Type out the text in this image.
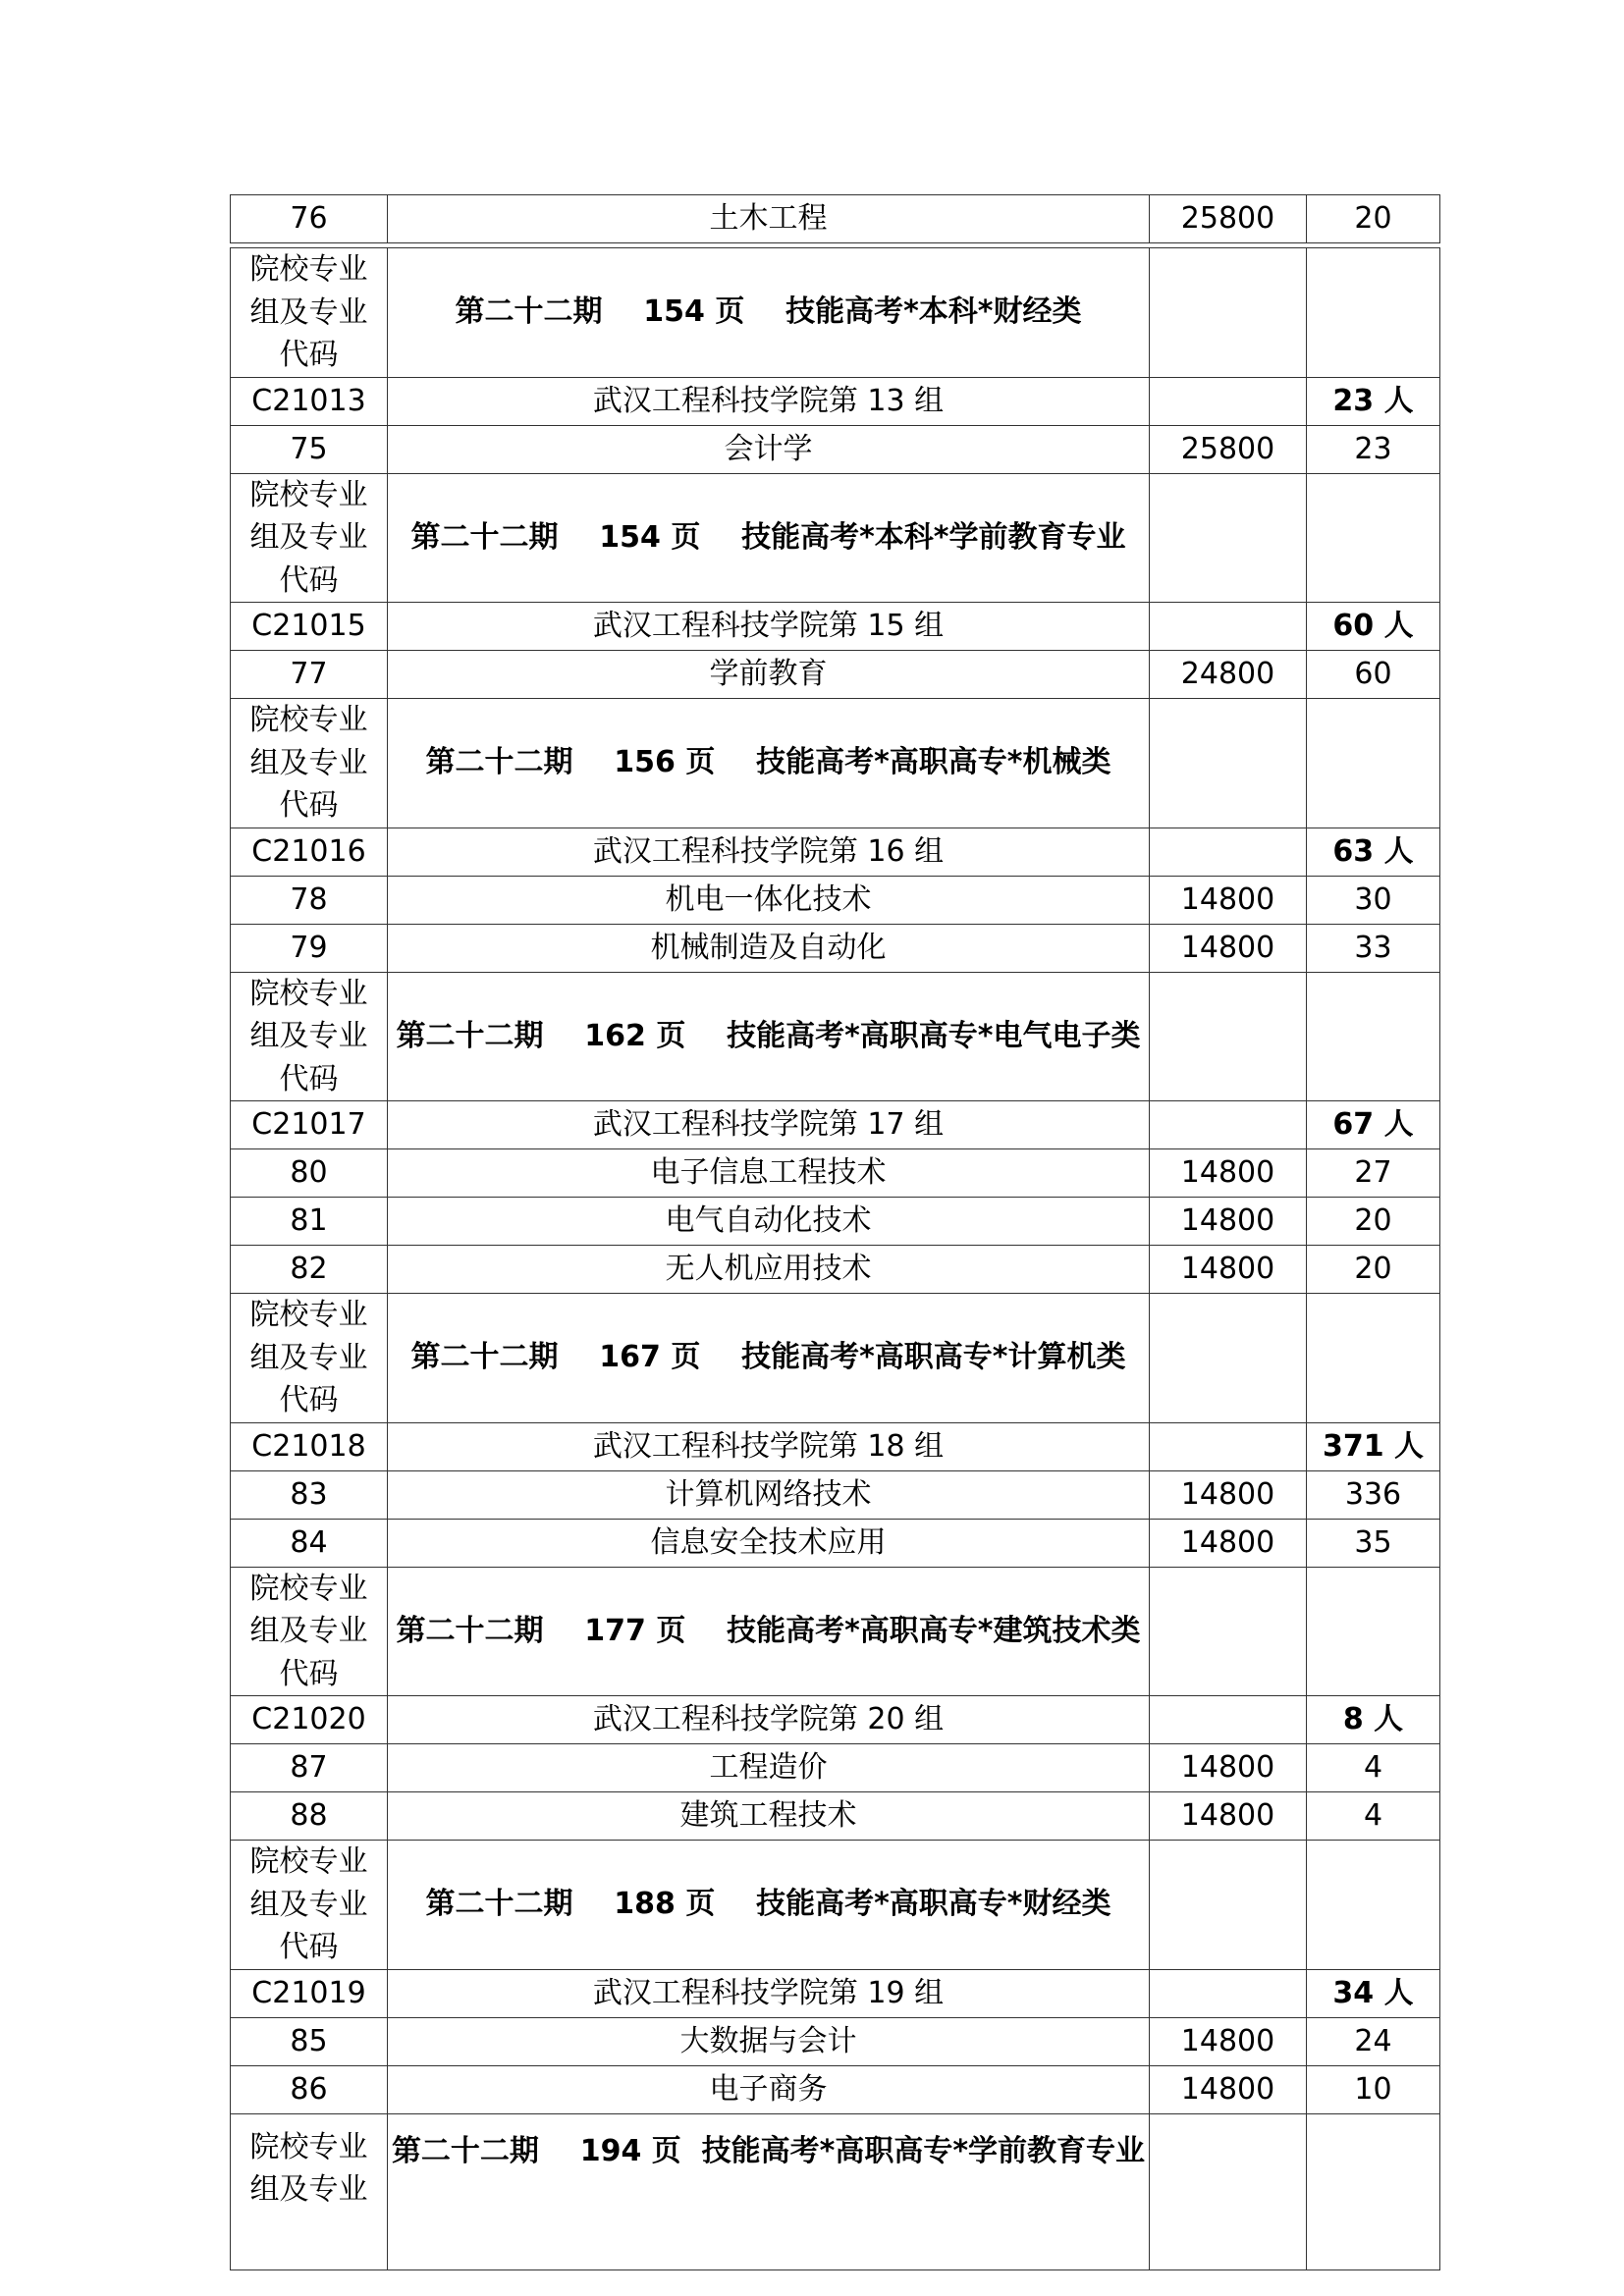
76	土木工程	25800	20

院校专业
组及专业
代码	第二十二期    154 页    技能高考*本科*财经类		
C21013	武汉工程科技学院第 13 组		23 人
75	会计学	25800	23
院校专业
组及专业
代码	第二十二期    154 页    技能高考*本科*学前教育专业		
C21015	武汉工程科技学院第 15 组		60 人
77	学前教育	24800	60
院校专业
组及专业
代码	第二十二期    156 页    技能高考*高职高专*机械类		
C21016	武汉工程科技学院第 16 组		63 人
78	机电一体化技术	14800	30
79	机械制造及自动化	14800	33
院校专业
组及专业
代码	第二十二期    162 页    技能高考*高职高专*电气电子类		
C21017	武汉工程科技学院第 17 组		67 人
80	电子信息工程技术	14800	27
81	电气自动化技术	14800	20
82	无人机应用技术	14800	20
院校专业
组及专业
代码	第二十二期    167 页    技能高考*高职高专*计算机类		
C21018	武汉工程科技学院第 18 组		371 人
83	计算机网络技术	14800	336
84	信息安全技术应用	14800	35
院校专业
组及专业
代码	第二十二期    177 页    技能高考*高职高专*建筑技术类		
C21020	武汉工程科技学院第 20 组		8 人
87	工程造价	14800	4
88	建筑工程技术	14800	4
院校专业
组及专业
代码	第二十二期    188 页    技能高考*高职高专*财经类		
C21019	武汉工程科技学院第 19 组		34 人
85	大数据与会计	14800	24
86	电子商务	14800	10
院校专业
组及专业	第二十二期    194 页  技能高考*高职高专*学前教育专业		
